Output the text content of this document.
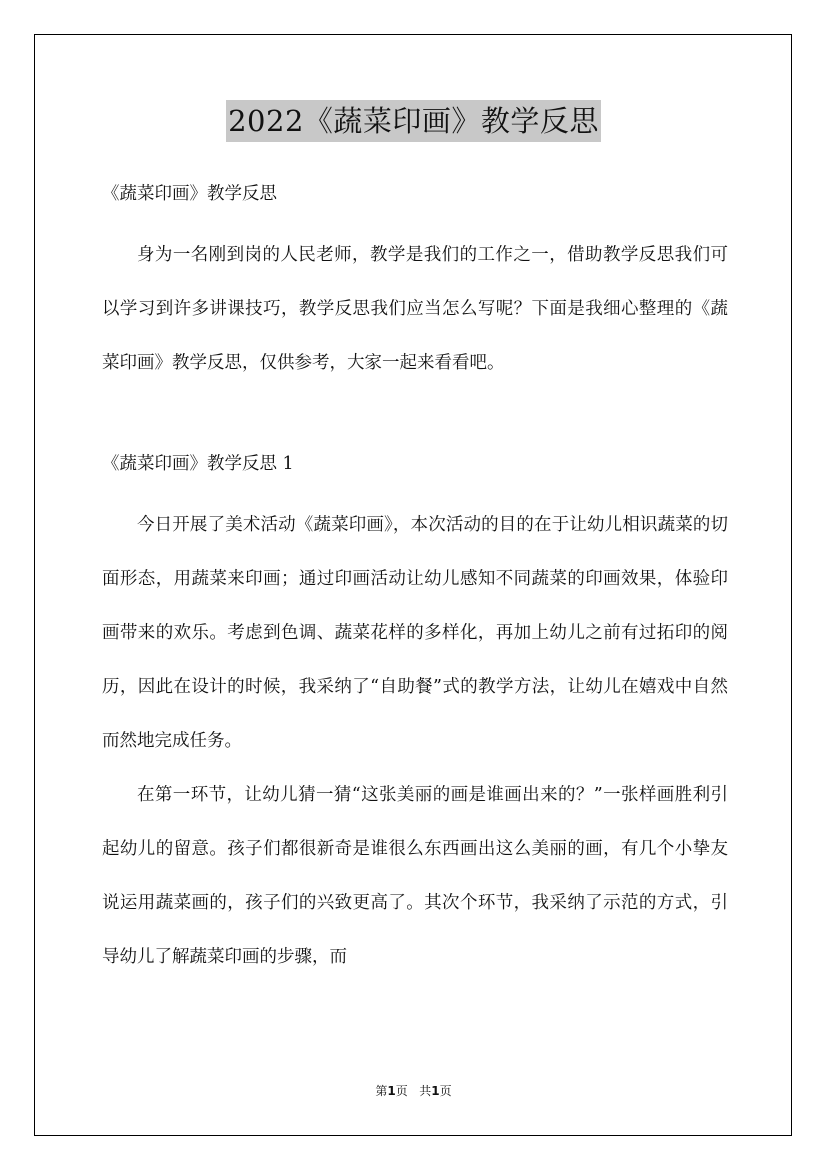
2022《蔬菜印画》教学反思

《蔬菜印画》教学反思

身为一名刚到岗的人民老师，教学是我们的工作之一，借助教学反思我们可以学习到许多讲课技巧，教学反思我们应当怎么写呢？下面是我细心整理的《蔬菜印画》教学反思，仅供参考，大家一起来看看吧。

《蔬菜印画》教学反思 1

今日开展了美术活动《蔬菜印画》，本次活动的目的在于让幼儿相识蔬菜的切面形态，用蔬菜来印画；通过印画活动让幼儿感知不同蔬菜的印画效果，体验印画带来的欢乐。考虑到色调、蔬菜花样的多样化，再加上幼儿之前有过拓印的阅历，因此在设计的时候，我采纳了“自助餐”式的教学方法，让幼儿在嬉戏中自然而然地完成任务。

在第一环节，让幼儿猜一猜“这张美丽的画是谁画出来的？”一张样画胜利引起幼儿的留意。孩子们都很新奇是谁很么东西画出这么美丽的画，有几个小挚友说运用蔬菜画的，孩子们的兴致更高了。其次个环节，我采纳了示范的方式，引导幼儿了解蔬菜印画的步骤，而

第1页 共1页
